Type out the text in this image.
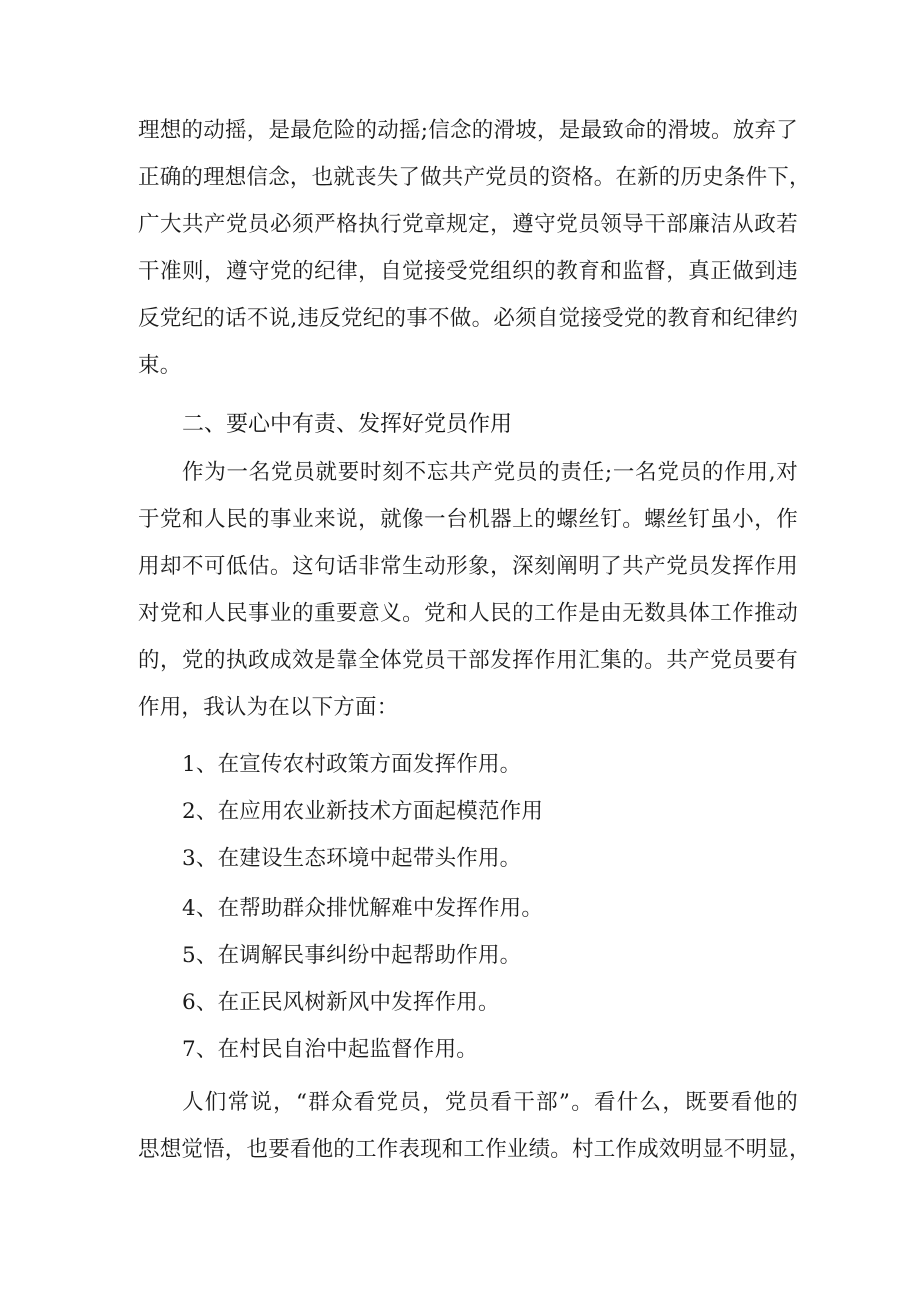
理想的动摇，是最危险的动摇;信念的滑坡，是最致命的滑坡。放弃了
正确的理想信念，也就丧失了做共产党员的资格。在新的历史条件下，
广大共产党员必须严格执行党章规定，遵守党员领导干部廉洁从政若
干准则，遵守党的纪律，自觉接受党组织的教育和监督，真正做到违
反党纪的话不说,违反党纪的事不做。必须自觉接受党的教育和纪律约
束。
二、要心中有责、发挥好党员作用
作为一名党员就要时刻不忘共产党员的责任;一名党员的作用,对
于党和人民的事业来说，就像一台机器上的螺丝钉。螺丝钉虽小，作
用却不可低估。这句话非常生动形象，深刻阐明了共产党员发挥作用
对党和人民事业的重要意义。党和人民的工作是由无数具体工作推动
的，党的执政成效是靠全体党员干部发挥作用汇集的。共产党员要有
作用，我认为在以下方面：
1、在宣传农村政策方面发挥作用。
2、在应用农业新技术方面起模范作用
3、在建设生态环境中起带头作用。
4、在帮助群众排忧解难中发挥作用。
5、在调解民事纠纷中起帮助作用。
6、在正民风树新风中发挥作用。
7、在村民自治中起监督作用。
人们常说，“群众看党员，党员看干部”。看什么，既要看他的
思想觉悟，也要看他的工作表现和工作业绩。村工作成效明显不明显，
